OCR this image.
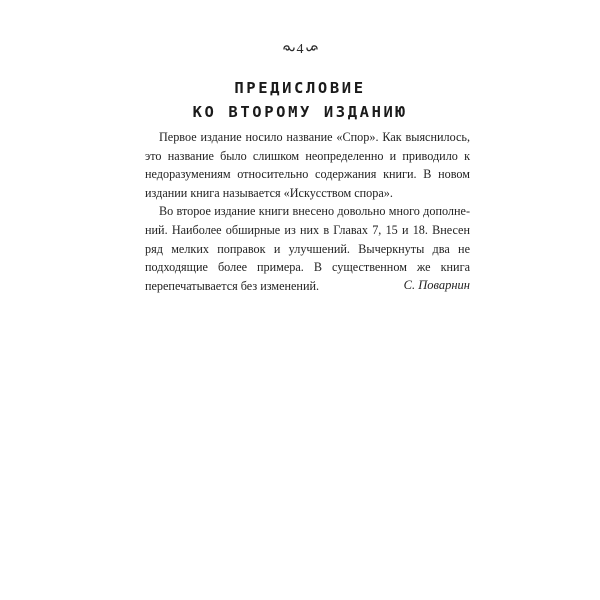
4
ПРЕДИСЛОВИЕ
КО ВТОРОМУ ИЗДАНИЮ

Первое издание носило название «Спор». Как выяснилось, это название было слишком неопределенно и приводило к недоразумениям относительно содержания книги. В новом издании книга называется «Искусством спора».

Во второе издание книги внесено довольно много дополнений. Наиболее обширные из них в Главах 7, 15 и 18. Внесен ряд мелких поправок и улучшений. Вычеркнуты два не подходящие более примера. В существенном же книга перепечатывается без изменений.	С. Поварнин
